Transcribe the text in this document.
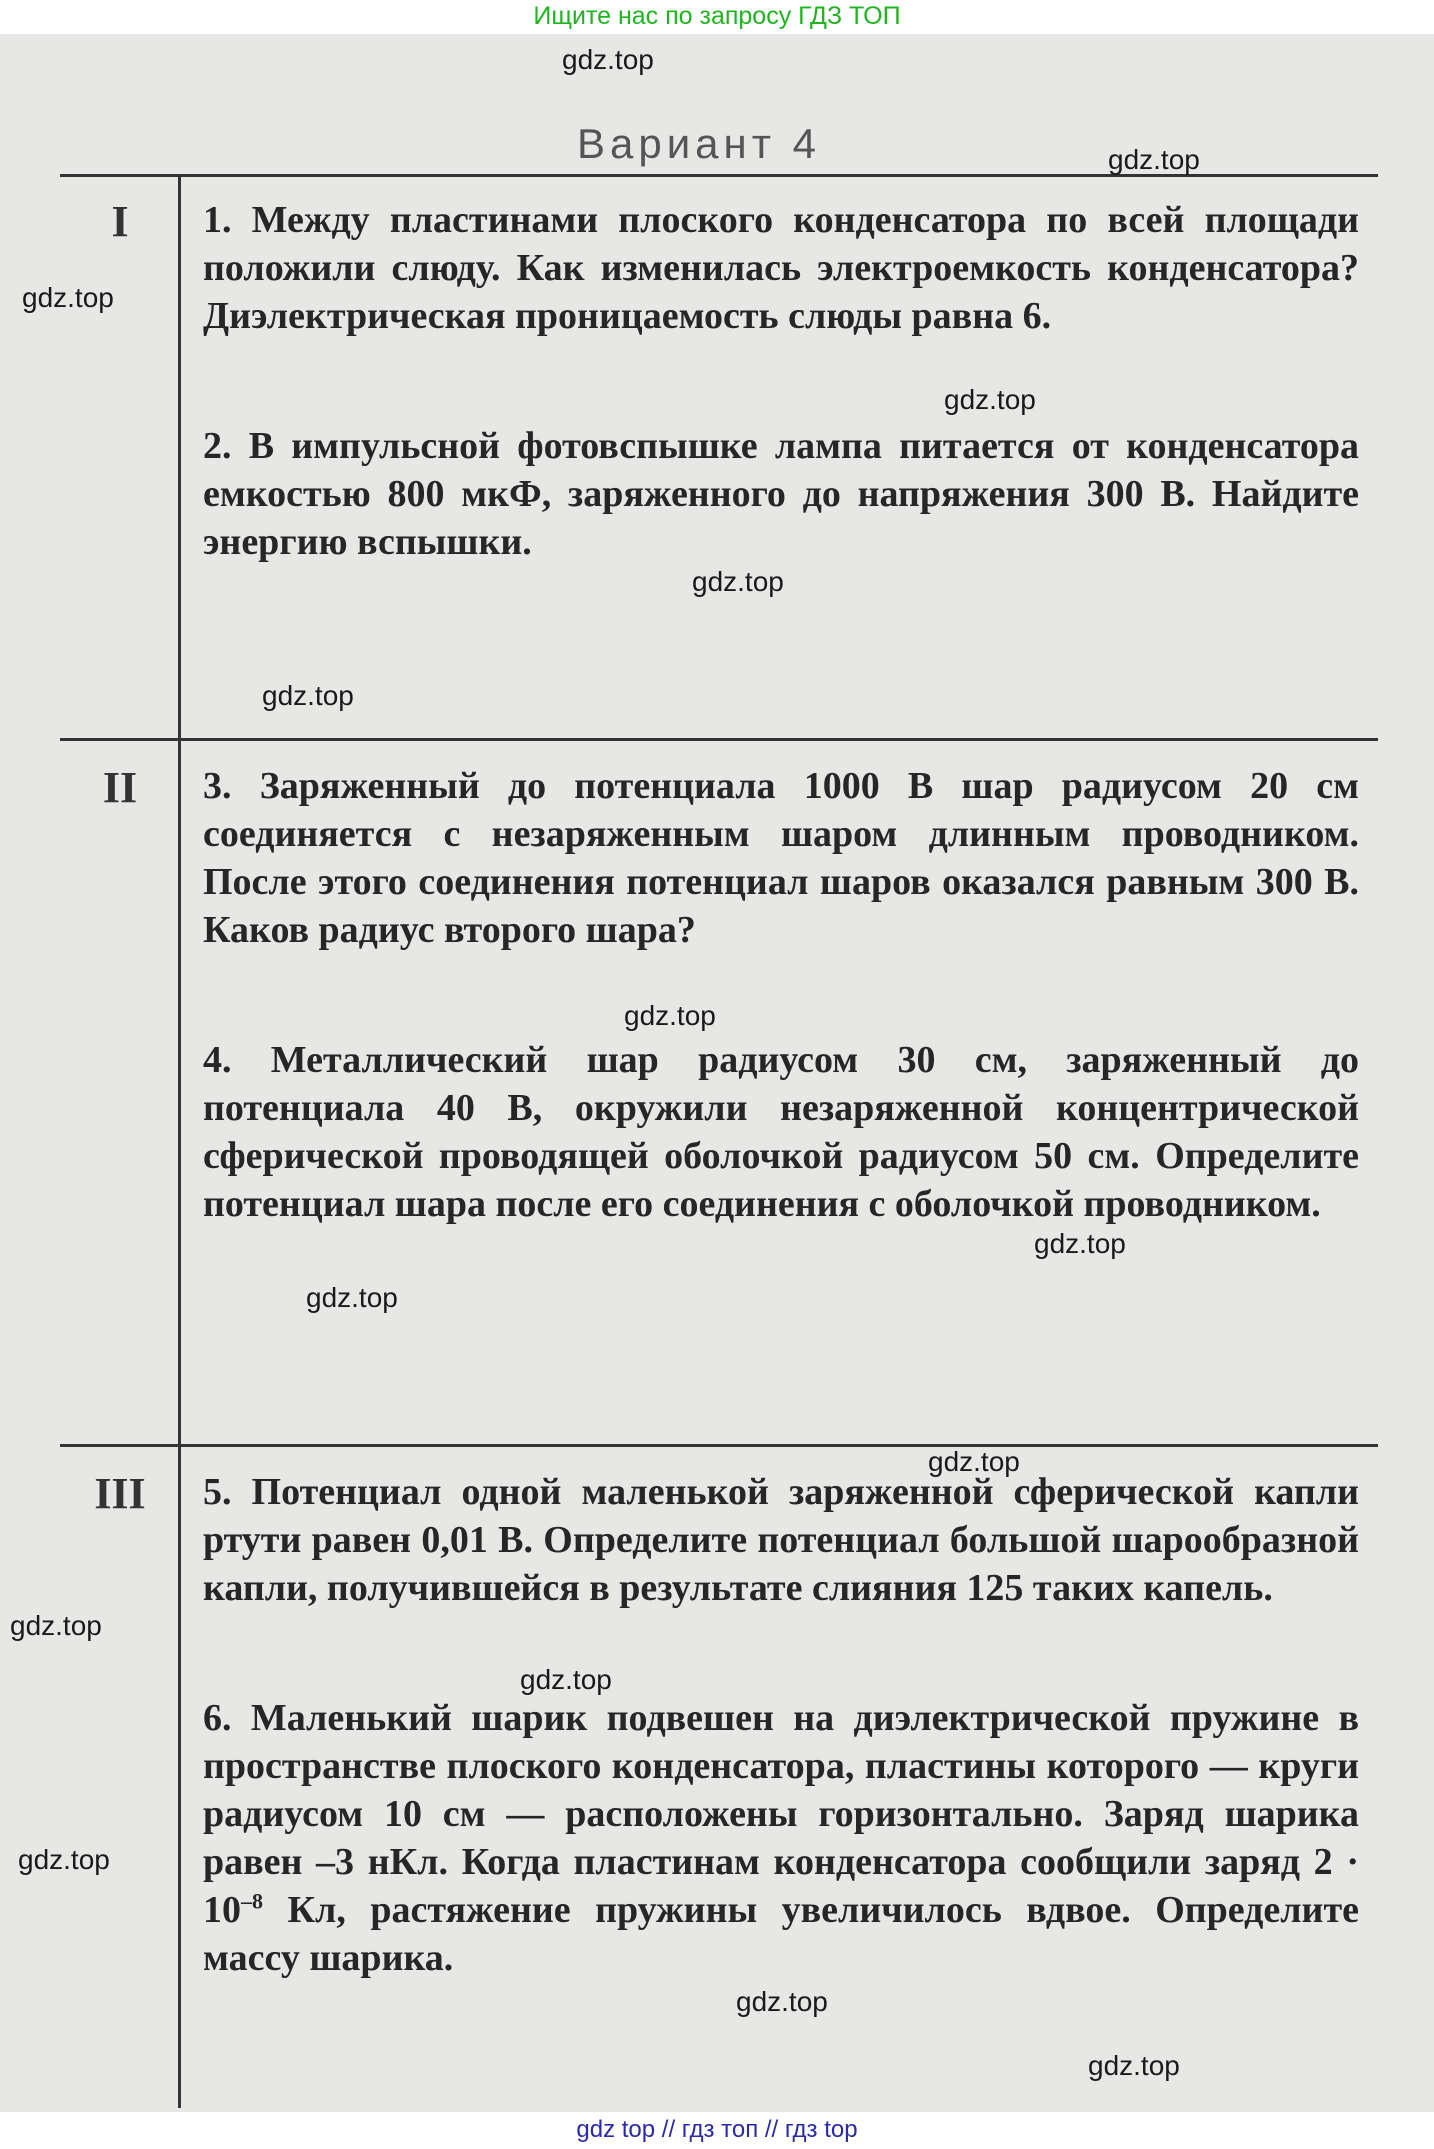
Ищите нас по запросу ГДЗ ТОП
Вариант 4
I
II
III
1. Между пластинами плоского конденсатора по всей площади положили слюду. Как изменилась электроемкость конденсатора? Диэлектрическая проницаемость слюды равна 6.
2. В импульсной фотовспышке лампа питается от конденсатора емкостью 800 мкФ, заряженного до напряжения 300 В. Найдите энергию вспышки.
3. Заряженный до потенциала 1000 В шар радиусом 20 см соединяется с незаряженным шаром длинным проводником. После этого соединения потенциал шаров оказался равным 300 В. Каков радиус второго шара?
4. Металлический шар радиусом 30 см, заряженный до потенциала 40 В, окружили незаряженной концентрической сферической проводящей оболочкой радиусом 50 см. Определите потенциал шара после его соединения с оболочкой проводником.
5. Потенциал одной маленькой заряженной сферической капли ртути равен 0,01 В. Определите потенциал большой шарообразной капли, получившейся в результате слияния 125 таких капель.
6. Маленький шарик подвешен на диэлектрической пружине в пространстве плоского конденсатора, пластины которого — круги радиусом 10 см — расположены горизонтально. Заряд шарика равен –3 нКл. Когда пластинам конденсатора сообщили заряд $2 \cdot 10^{-8}$ Кл, растяжение пружины увеличилось вдвое. Определите массу шарика.
gdz.top
gdz.top
gdz.top
gdz.top
gdz.top
gdz.top
gdz.top
gdz.top
gdz.top
gdz.top
gdz.top
gdz.top
gdz.top
gdz.top
gdz.top
gdz top // гдз топ // гдз top
